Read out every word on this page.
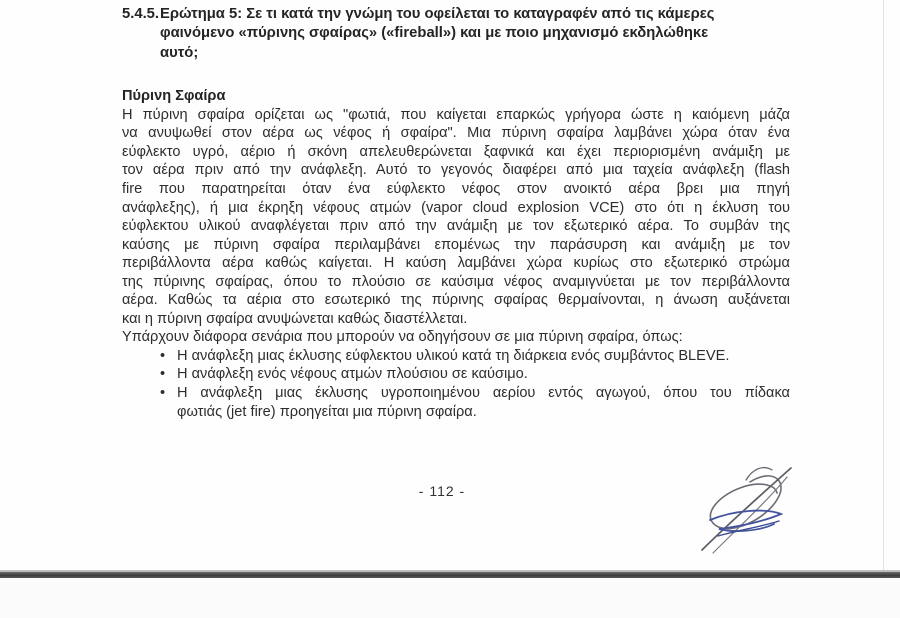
5.4.5. Ερώτημα 5: Σε τι κατά την γνώμη του οφείλεται το καταγραφέν από τις κάμερες
φαινόμενο «πύρινης σφαίρας» («fireball») και με ποιο μηχανισμό εκδηλώθηκε
αυτό;
Πύρινη Σφαίρα
Η πύρινη σφαίρα ορίζεται ως "φωτιά, που καίγεται επαρκώς γρήγορα ώστε η καιόμενη μάζα
να ανυψωθεί στον αέρα ως νέφος ή σφαίρα". Μια πύρινη σφαίρα λαμβάνει χώρα όταν ένα
εύφλεκτο υγρό, αέριο ή σκόνη απελευθερώνεται ξαφνικά και έχει περιορισμένη ανάμιξη με
τον αέρα πριν από την ανάφλεξη. Αυτό το γεγονός διαφέρει από μια ταχεία ανάφλεξη (flash
fire που παρατηρείται όταν ένα εύφλεκτο νέφος στον ανοικτό αέρα βρει μια πηγή
ανάφλεξης), ή μια έκρηξη νέφους ατμών (vapor cloud explosion VCE) στο ότι η έκλυση του
εύφλεκτου υλικού αναφλέγεται πριν από την ανάμιξη με τον εξωτερικό αέρα. Το συμβάν της
καύσης με πύρινη σφαίρα περιλαμβάνει επομένως την παράσυρση και ανάμιξη με τον
περιβάλλοντα αέρα καθώς καίγεται. Η καύση λαμβάνει χώρα κυρίως στο εξωτερικό στρώμα
της πύρινης σφαίρας, όπου το πλούσιο σε καύσιμα νέφος αναμιγνύεται με τον περιβάλλοντα
αέρα. Καθώς τα αέρια στο εσωτερικό της πύρινης σφαίρας θερμαίνονται, η άνωση αυξάνεται
και η πύρινη σφαίρα ανυψώνεται καθώς διαστέλλεται.
Υπάρχουν διάφορα σενάρια που μπορούν να οδηγήσουν σε μια πύρινη σφαίρα, όπως:
• Η ανάφλεξη μιας έκλυσης εύφλεκτου υλικού κατά τη διάρκεια ενός συμβάντος BLEVE.
• Η ανάφλεξη ενός νέφους ατμών πλούσιου σε καύσιμο.
• Η ανάφλεξη μιας έκλυσης υγροποιημένου αερίου εντός αγωγού, όπου του πίδακα
φωτιάς (jet fire) προηγείται μια πύρινη σφαίρα.
- 112 -
